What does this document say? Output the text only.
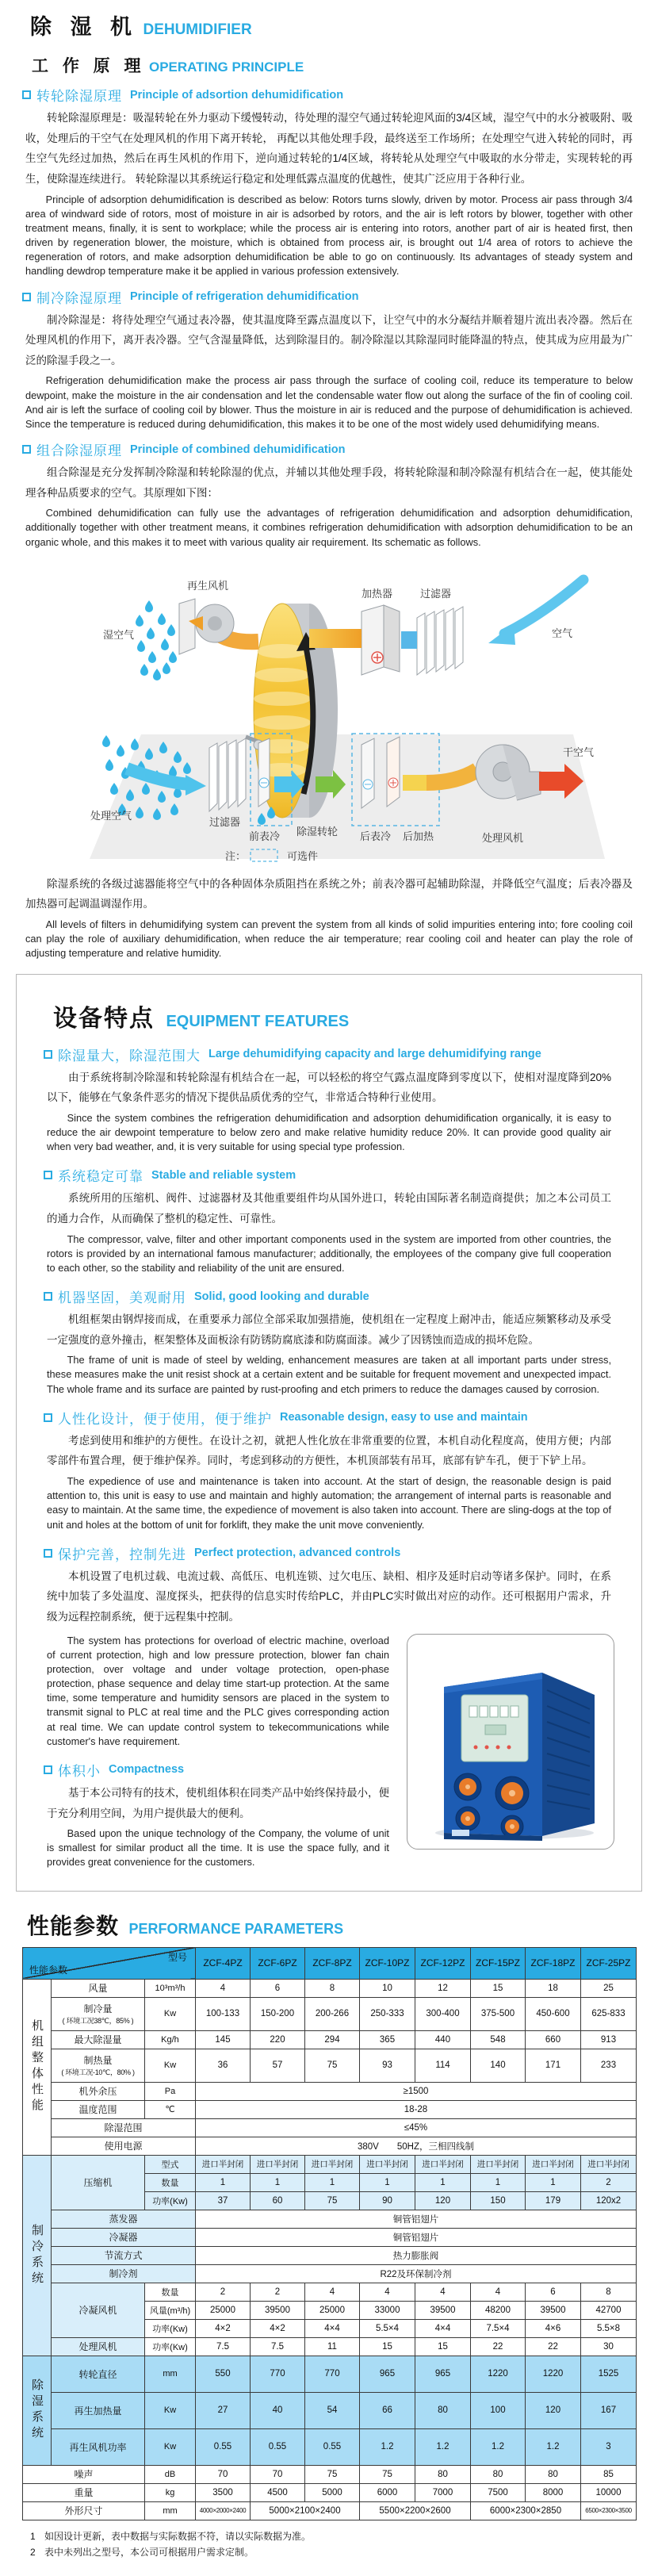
除 湿 机 DEHUMIDIFIER
工 作 原 理 OPERATING PRINCIPLE
转轮除湿原理 Principle of adsortion dehumidification

转轮除湿原理是：吸湿转轮在外力驱动下缓慢转动，待处理的湿空气通过转轮迎风面的3/4区域，湿空气中的水分被吸附、吸收，处理后的干空气在处理风机的作用下离开转轮， 再配以其他处理手段，最终送至工作场所；在处理空气进入转轮的同时，再生空气先经过加热，然后在再生风机的作用下，逆向通过转轮的1/4区域，将转轮从处理空气中吸取的水分带走，实现转轮的再生，使除湿连续进行。 转轮除湿以其系统运行稳定和处理低露点温度的优越性，使其广泛应用于各种行业。

Principle of adsorption dehumidification is described as below: Rotors turns slowly, driven by motor. Process air pass through 3/4 area of windward side of rotors, most of moisture in air is adsorbed by rotors, and the air is left rotors by blower, together with other treatment means, finally, it is sent to workplace; while the process air is entering into rotors, another part of air is heated first, then driven by regeneration blower, the moisture, which is obtained from process air, is brought out 1/4 area of rotors to achieve the regeneration of rotors, and make adsorption dehumidification be able to go on continuously. Its advantages of steady system and handling dewdrop temperature make it be applied in various profession extensively.

制冷除湿原理 Principle of refrigeration dehumidification

制冷除湿是：将待处理空气通过表冷器，使其温度降至露点温度以下，让空气中的水分凝结并顺着翅片流出表冷器。然后在处理风机的作用下，离开表冷器。空气含湿量降低，达到除湿目的。制冷除湿以其除湿同时能降温的特点，使其成为应用最为广泛的除湿手段之一。

Refrigeration dehumidification make the process air pass through the surface of cooling coil, reduce its temperature to below dewpoint, make the moisture in the air condensation and let the condensable water flow out along the surface of the fin of cooling coil. And air is left the surface of cooling coil by blower. Thus the moisture in air is reduced and the purpose of dehumidification is achieved. Since the temperature is reduced during dehumidification, this makes it to be one of the most widely used dehumidifying means.

组合除湿原理 Principle of combined dehumidification

组合除湿是充分发挥制冷除湿和转轮除湿的优点，并辅以其他处理手段，将转轮除湿和制冷除湿有机结合在一起，使其能处理各种品质要求的空气。其原理如下图：

Combined dehumidification can fully use the advantages of refrigeration dehumidification and adsorption dehumidification, additionally together with other treatment means, it combines refrigeration dehumidification with adsorption dehumidification to be an organic whole, and this makes it to meet with various quality air requirement. Its schematic as follows.

再生风机
湿空气
加热器	过滤器
空气
处理空气
过滤器
前表冷 除湿转轮 后表冷 后加热	处理风机
干空气
注：	可选件

除湿系统的各级过滤器能将空气中的各种固体杂质阻挡在系统之外；前表冷器可起辅助除湿，并降低空气温度；后表冷器及加热器可起调温调湿作用。

All levels of filters in dehumidifying system can prevent the system from all kinds of solid impurities entering into; fore cooling coil can play the role of auxiliary dehumidification, when reduce the air temperature; rear cooling coil and heater can play the role of adjusting temperature and relative humidity.

设备特点 EQUIPMENT FEATURES
除湿量大，除湿范围大 Large dehumidifying capacity and large dehumidifying range

由于系统将制冷除湿和转轮除湿有机结合在一起，可以轻松的将空气露点温度降到零度以下，使相对湿度降到20%以下，能够在气象条件恶劣的情况下提供品质优秀的空气，非常适合特种行业使用。

Since the system combines the refrigeration dehumidification and adsorption dehumidification organically, it is easy to reduce the air dewpoint temperature to below zero and make relative humidity reduce 20%. It can provide good quality air when very bad weather, and, it is very suitable for using special type profession.

系统稳定可靠 Stable and reliable system

系统所用的压缩机、阀件、过滤器材及其他重要组件均从国外进口，转轮由国际著名制造商提供；加之本公司员工的通力合作，从而确保了整机的稳定性、可靠性。

The compressor, valve, filter and other important components used in the system are imported from other countries, the rotors is provided by an international famous manufacturer; additionally, the employees of the company give full cooperation to each other, so the stability and reliability of the unit are ensured.

机器坚固，美观耐用 Solid, good looking and durable

机组框架由钢焊接而成，在重要承力部位全部采取加强措施，使机组在一定程度上耐冲击，能适应频繁移动及承受一定强度的意外撞击，框架整体及面板涂有防锈防腐底漆和防腐面漆。减少了因锈蚀而造成的损坏危险。

The frame of unit is made of steel by welding, enhancement measures are taken at all important parts under stress, these measures make the unit resist shock at a certain extent and be suitable for frequent movement and unexpected impact. The whole frame and its surface are painted by rust-proofing and etch primers to reduce the damages caused by corrosion.

人性化设计，便于使用，便于维护 Reasonable design, easy to use and maintain

考虑到使用和维护的方便性。在设计之初，就把人性化放在非常重要的位置，本机自动化程度高，使用方便；内部零部件布置合理，便于维护保养。同时，考虑到移动的方便性，本机顶部装有吊耳，底部有铲车孔，便于下铲上吊。

The expedience of use and maintenance is taken into account. At the start of design, the reasonable design is paid attention to, this unit is easy to use and maintain and highly automation; the arrangement of internal parts is reasonable and easy to maintain. At the same time, the expedience of movement is also taken into account. There are sling-dogs at the top of unit and holes at the bottom of unit for forklift, they make the unit move conveniently.

保护完善，控制先进 Perfect protection, advanced controls

本机设置了电机过载、电流过载、高低压、电机连锁、过欠电压、缺相、相序及延时启动等诸多保护。同时，在系统中加装了多处温度、湿度探头，把获得的信息实时传给PLC，并由PLC实时做出对应的动作。还可根据用户需求，升级为远程控制系统，便于远程集中控制。

The system has protections for overload of electric machine, overload of current protection, high and low pressure protection, blower fan chain protection, over voltage and under voltage protection, open-phase protection, phase sequence and delay time start-up protection. At the same time, some temperature and humidity sensors are placed in the system to transmit signal to PLC at real time and the PLC gives corresponding action at real time. We can update control system to tekecommunications while customer's have requirement.

体积小 Compactness

基于本公司特有的技术，使机组体积在同类产品中始终保持最小，便于充分利用空间，为用户提供最大的便利。

Based upon the unique technology of the Company, the volume of unit is smallest for similar product all the time. It is use the space fully, and it provides great convenience for the customers.

性能参数 PERFORMANCE PARAMETERS
型号
性能参数			ZCF-4PZ	ZCF-6PZ	ZCF-8PZ	ZCF-10PZ	ZCF-12PZ	ZCF-15PZ	ZCF-18PZ	ZCF-25PZ
机组整体性能	风量	10³m³/h	4	6	8	10	12	15	18	25
	制冷量
( 环境工况38℃，85% )	Kw	100-133	150-200	200-266	250-333	300-400	375-500	450-600	625-833
	最大除湿量	Kg/h	145	220	294	365	440	548	660	913
	制热量
( 环境工况-10℃，80% )	Kw	36	57	75	93	114	140	171	233
	机外余压	Pa	≥1500							
	温度范围	℃	18-28							
	除湿范围		≤45%							
	使用电源		380V　　50HZ，三相四线制							
制冷系统	压缩机	型式	进口半封闭	进口半封闭	进口半封闭	进口半封闭	进口半封闭	进口半封闭	进口半封闭	进口半封闭
		数量	1	1	1	1	1	1	1	2
		功率(Kw)	37	60	75	90	120	150	179	120x2
	蒸发器		铜管铝翅片							
	冷凝器		铜管铝翅片							
	节流方式		热力膨胀阀							
	制冷剂		R22及环保制冷剂							
	冷凝风机	数量	2	2	4	4	4	4	6	8
		风量(m³/h)	25000	39500	25000	33000	39500	48200	39500	42700
		功率(Kw)	4×2	4×2	4×4	5.5×4	4×4	7.5×4	4×6	5.5×8
	处理风机	功率(Kw)	7.5	7.5	11	15	15	22	22	30
除湿系统	转轮直径	mm	550	770	770	965	965	1220	1220	1525
	再生加热量	Kw	27	40	54	66	80	100	120	167
	再生风机功率	Kw	0.55	0.55	0.55	1.2	1.2	1.2	1.2	3
噪声		dB	70	70	75	75	80	80	80	85
重量		kg	3500	4500	5000	6000	7000	7500	8000	10000
外形尺寸		mm	4000×2000×2400	5000×2100×2400		5500×2200×2600		6000×2300×2850		6500×2300×3500
1 如因设计更新，表中数据与实际数据不符，请以实际数据为准。
2 表中未列出之型号，本公司可根据用户需求定制。
